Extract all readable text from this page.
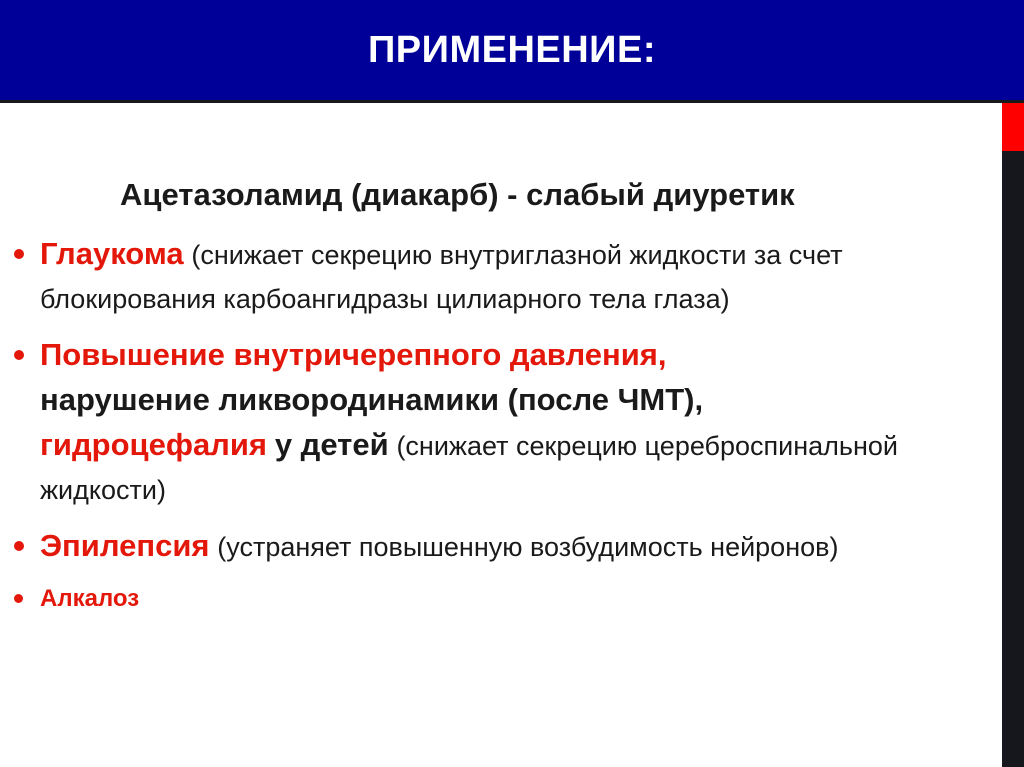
ПРИМЕНЕНИЕ:
Ацетазоламид (диакарб) - слабый диуретик
Глаукома (снижает секрецию внутриглазной жидкости за счет блокирования карбоангидразы цилиарного тела глаза)
Повышение внутричерепного давления,
нарушение ликвородинамики (после ЧМТ),
гидроцефалия у детей (снижает секрецию цереброспинальной жидкости)
Эпилепсия (устраняет повышенную возбудимость нейронов)
Алкалоз
